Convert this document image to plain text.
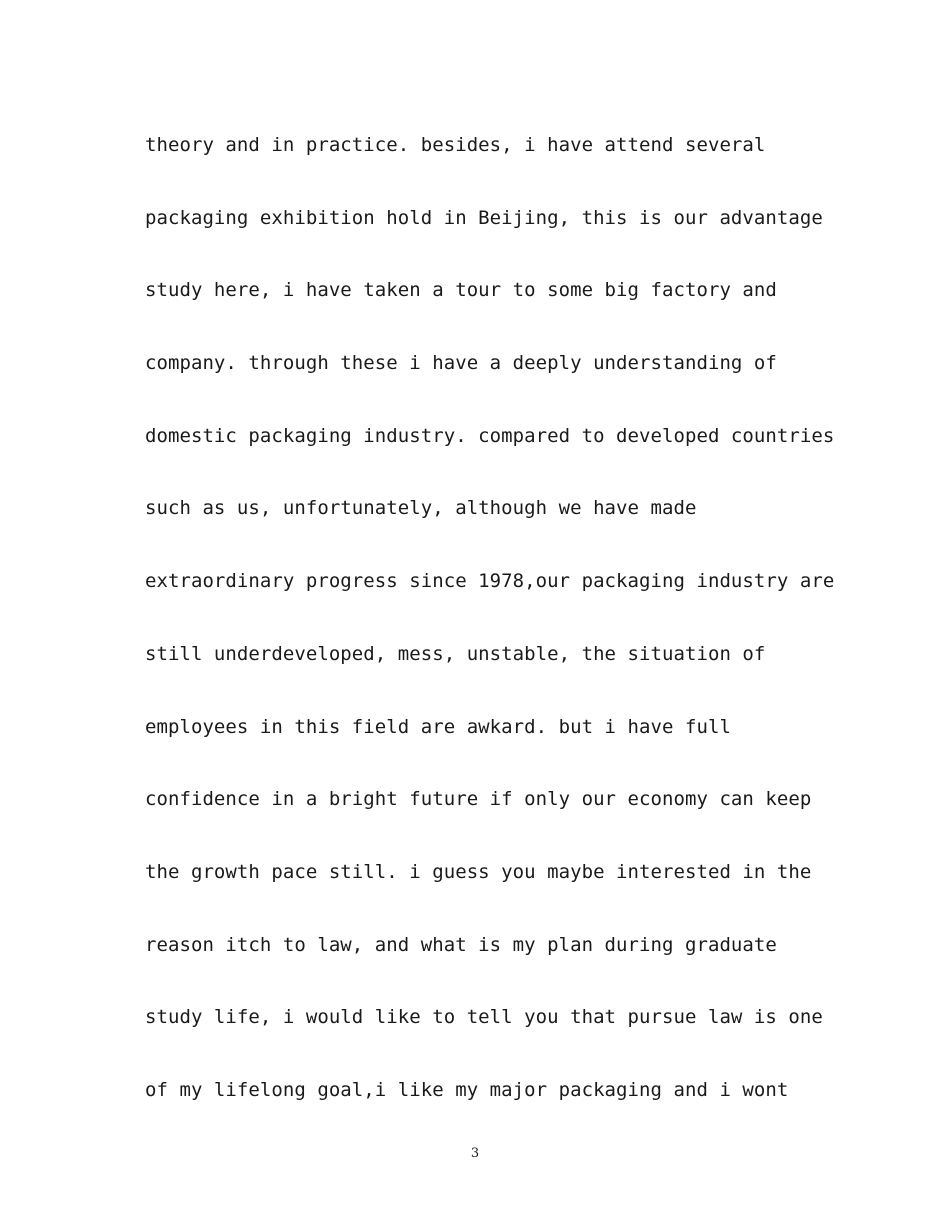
theory and in practice. besides, i have attend several
packaging exhibition hold in Beijing, this is our advantage
study here, i have taken a tour to some big factory and
company. through these i have a deeply understanding of
domestic packaging industry. compared to developed countries
such as us, unfortunately, although we have made
extraordinary progress since 1978,our packaging industry are
still underdeveloped, mess, unstable, the situation of
employees in this field are awkard. but i have full
confidence in a bright future if only our economy can keep
the growth pace still. i guess you maybe interested in the
reason itch to law, and what is my plan during graduate
study life, i would like to tell you that pursue law is one
of my lifelong goal,i like my major packaging and i wont
3
